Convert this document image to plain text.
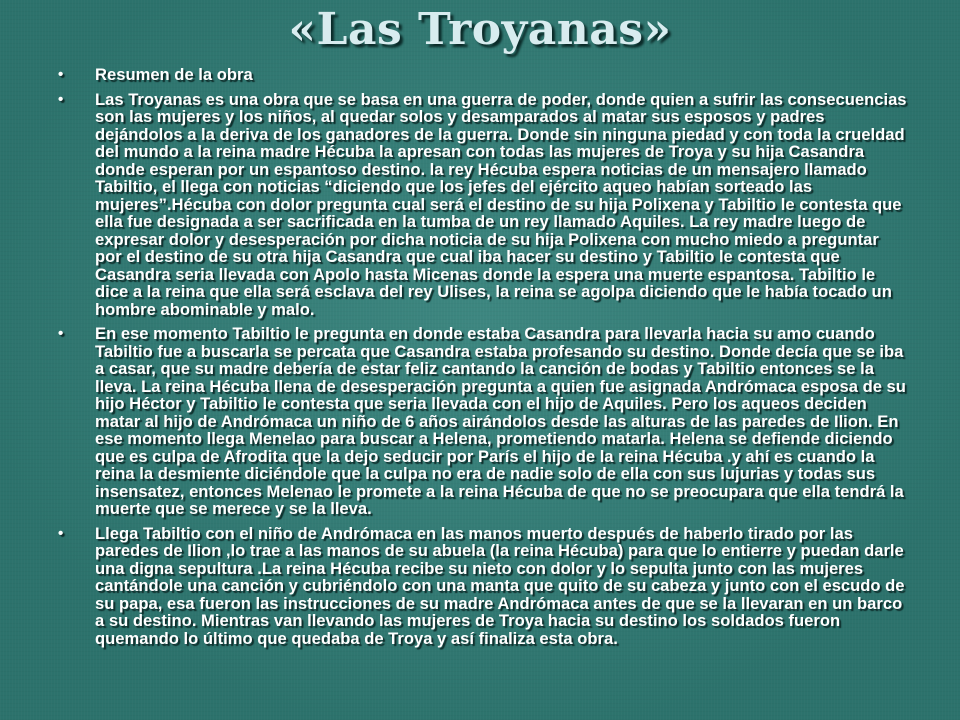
«Las Troyanas»
•	Resumen de la obra
•	Las Troyanas es una obra que se basa en una guerra de poder, donde quien a sufrir las consecuencias son las mujeres y los niños, al quedar solos y desamparados al matar sus esposos y padres dejándolos a la deriva de los ganadores de la guerra. Donde sin ninguna piedad y con toda la crueldad del mundo a la reina madre Hécuba la apresan con todas las mujeres de Troya y su hija Casandra donde esperan por un espantoso destino. la rey Hécuba espera noticias de un mensajero llamado Tabiltio, el llega con noticias “diciendo que los jefes del ejército aqueo habían sorteado las mujeres”.Hécuba con dolor pregunta cual será el destino de su hija Polixena y Tabiltio le contesta que ella fue designada a ser sacrificada en la tumba de un rey llamado Aquiles. La rey madre luego de expresar dolor y desesperación por dicha noticia de su hija Polixena con mucho miedo a preguntar por el destino de su otra hija Casandra que cual iba hacer su destino y Tabiltio le contesta que Casandra seria llevada con Apolo hasta Micenas donde la espera una muerte espantosa. Tabiltio le dice a la reina que ella será esclava del rey Ulises, la reina se agolpa diciendo que le había tocado un hombre abominable y malo.
•	En ese momento Tabiltio le pregunta en donde estaba Casandra para llevarla hacia su amo cuando Tabiltio fue a buscarla se percata que Casandra estaba profesando su destino. Donde decía que se iba a casar, que su madre debería de estar feliz cantando la canción de bodas y Tabiltio entonces se la lleva. La reina Hécuba llena de desesperación pregunta a quien fue asignada Andrómaca esposa de su hijo Héctor y Tabiltio le contesta que seria llevada con el hijo de Aquiles. Pero los aqueos deciden matar al hijo de Andrómaca un niño de 6 años airándolos desde las alturas de las paredes de Ilion. En ese momento llega Menelao para buscar a Helena, prometiendo matarla. Helena se defiende diciendo que es culpa de Afrodita que la dejo seducir por París el hijo de la reina Hécuba .y ahí es cuando la reina la desmiente diciéndole que la culpa no era de nadie solo de ella con sus lujurias y todas sus insensatez, entonces Melenao le promete a la reina Hécuba de que no se preocupara que ella tendrá la muerte que se merece y se la lleva.
•	Llega Tabiltio con el niño de Andrómaca en las manos muerto después de haberlo tirado por las paredes de Ilion ,lo trae a las manos de su abuela (la reina Hécuba) para que lo entierre y puedan darle una digna sepultura .La reina Hécuba recibe su nieto con dolor y lo sepulta junto con las mujeres cantándole una canción y cubriéndolo con una manta que quito de su cabeza y junto con el escudo de su papa, esa fueron las instrucciones de su madre Andrómaca antes de que se la llevaran en un barco a su destino. Mientras van llevando las mujeres de Troya hacia su destino los soldados fueron quemando lo último que quedaba de Troya y así finaliza esta obra.
